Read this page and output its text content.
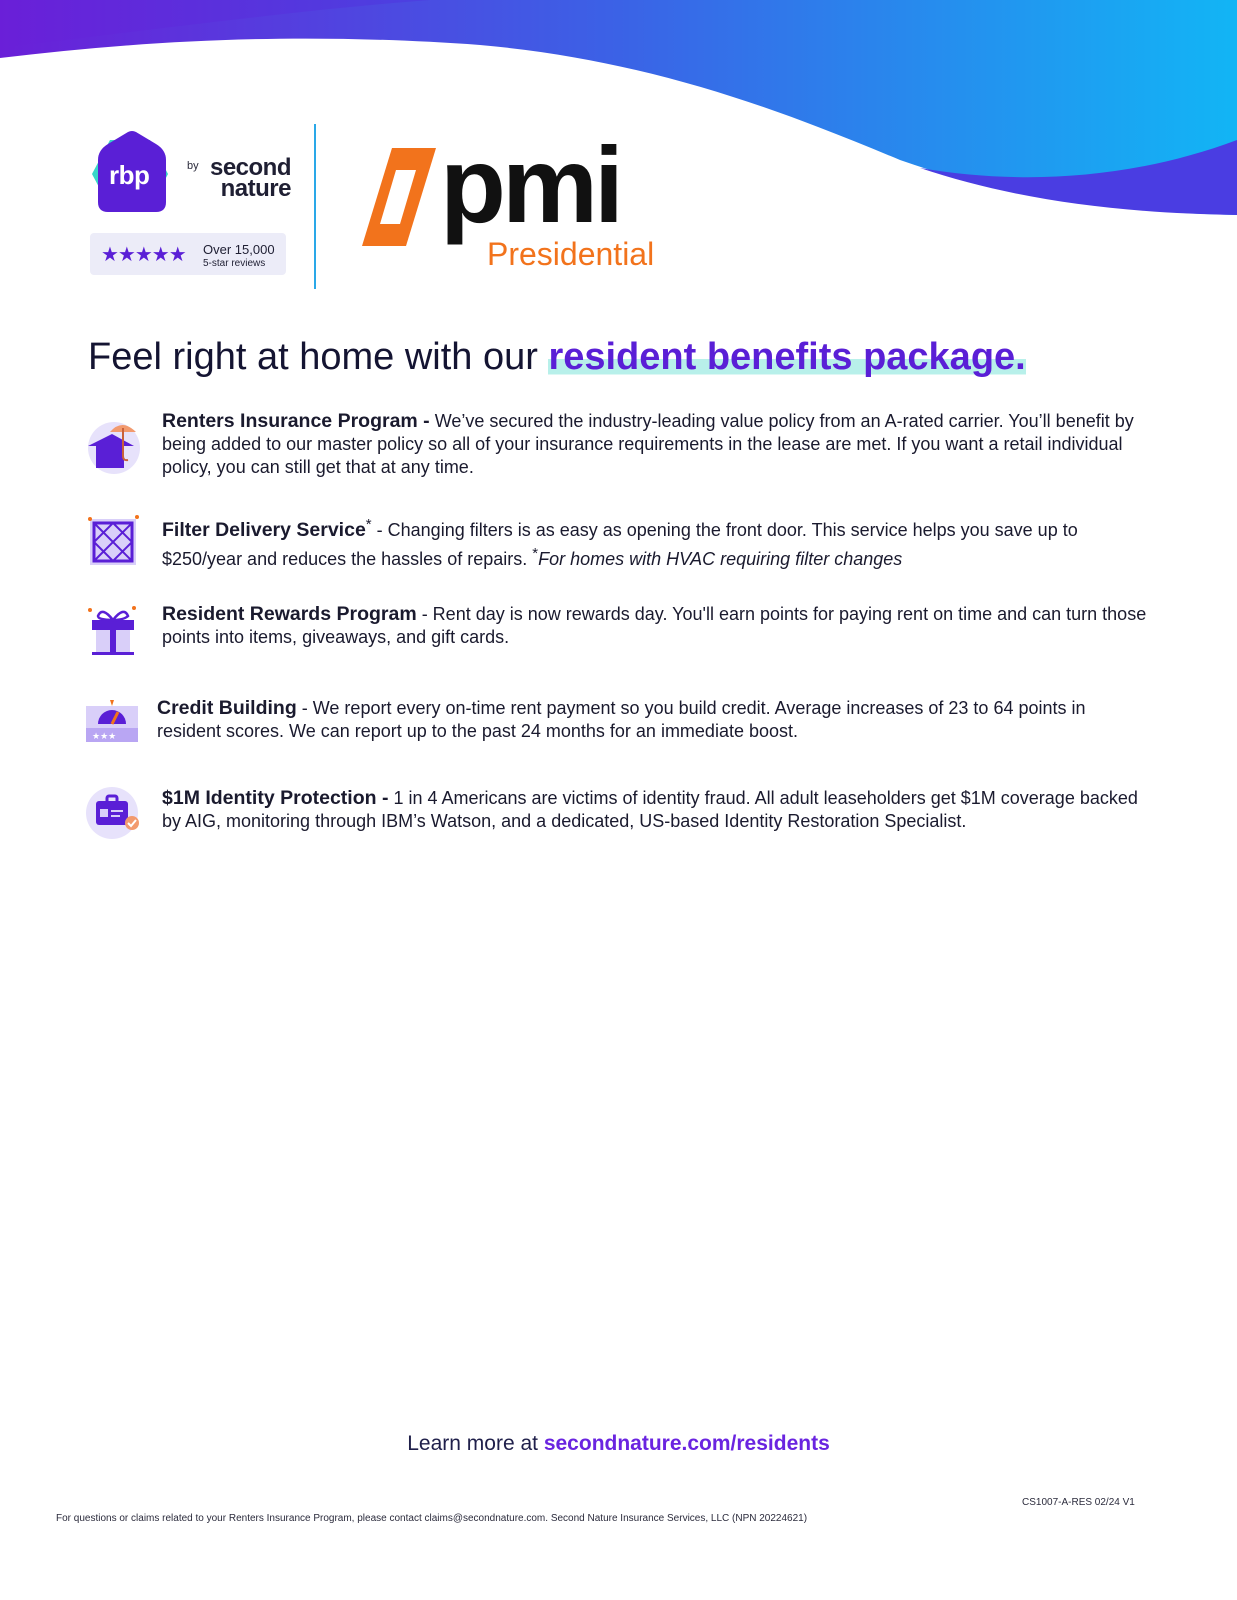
rbp	by second
nature
★★★★★ Over 15,000
5-star reviews
pmi
Presidential
Feel right at home with our resident benefits package.
Renters Insurance Program - We’ve secured the industry-leading value policy from an A-rated carrier. You’ll benefit by being added to our master policy so all of your insurance requirements in the lease are met. If you want a retail individual policy, you can still get that at any time.
Filter Delivery Service* - Changing filters is as easy as opening the front door. This service helps you save up to $250/year and reduces the hassles of repairs. *For homes with HVAC requiring filter changes
Resident Rewards Program - Rent day is now rewards day. You'll earn points for paying rent on time and can turn those points into items, giveaways, and gift cards.
★★★
Credit Building - We report every on-time rent payment so you build credit. Average increases of 23 to 64 points in resident scores. We can report up to the past 24 months for an immediate boost.
$1M Identity Protection - 1 in 4 Americans are victims of identity fraud. All adult leaseholders get $1M coverage backed by AIG, monitoring through IBM’s Watson, and a dedicated, US-based Identity Restoration Specialist.
Learn more at secondnature.com/residents
CS1007-A-RES 02/24 V1
For questions or claims related to your Renters Insurance Program, please contact claims@secondnature.com. Second Nature Insurance Services, LLC (NPN 20224621)
